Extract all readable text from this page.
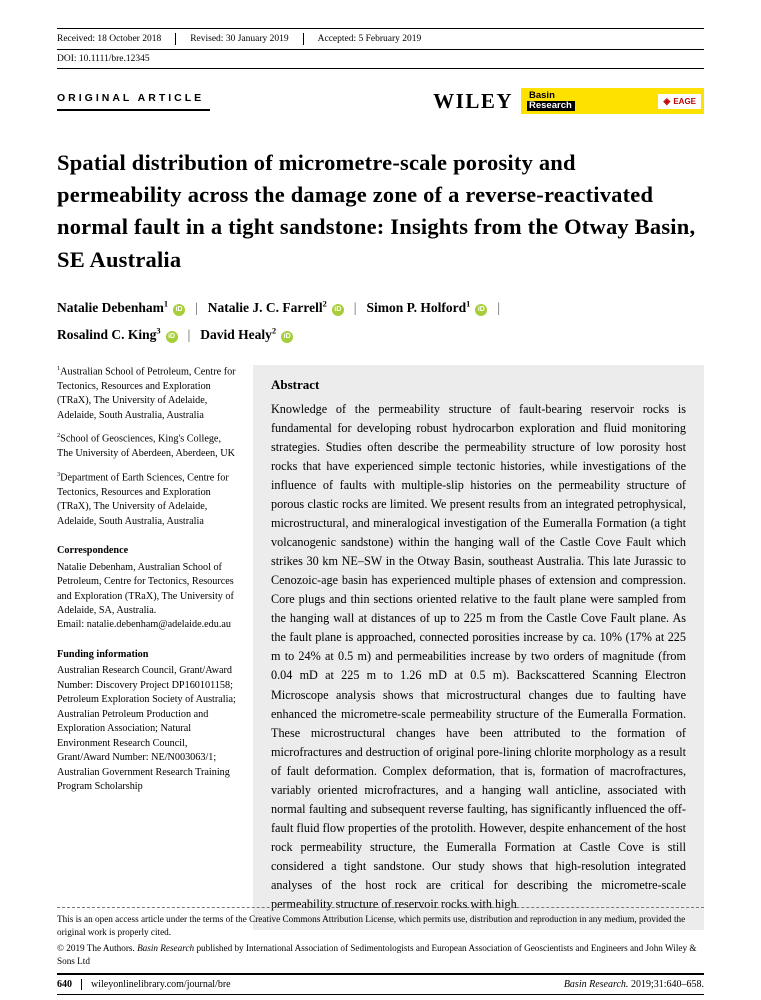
Received: 18 October 2018	Revised: 30 January 2019	Accepted: 5 February 2019
DOI: 10.1111/bre.12345
ORIGINAL ARTICLE	WILEY Basin
Research	◈ EAGE
Spatial distribution of micrometre-scale porosity and permeability across the damage zone of a reverse-reactivated normal fault in a tight sandstone: Insights from the Otway Basin, SE Australia
Natalie Debenham$^1$iD | Natalie J. C. Farrell$^2$iD | Simon P. Holford$^1$iD |
Rosalind C. King$^3$iD | David Healy$^2$iD
$^1$Australian School of Petroleum, Centre for Tectonics, Resources and Exploration (TRaX), The University of Adelaide, Adelaide, South Australia, Australia
$^2$School of Geosciences, King's College, The University of Aberdeen, Aberdeen, UK
$^3$Department of Earth Sciences, Centre for Tectonics, Resources and Exploration (TRaX), The University of Adelaide, Adelaide, South Australia, Australia
Correspondence
Natalie Debenham, Australian School of Petroleum, Centre for Tectonics, Resources and Exploration (TRaX), The University of Adelaide, SA, Australia.
Email: natalie.debenham@adelaide.edu.au
Funding information
Australian Research Council, Grant/Award Number: Discovery Project DP160101158; Petroleum Exploration Society of Australia; Australian Petroleum Production and Exploration Association; Natural Environment Research Council, Grant/Award Number: NE/N003063/1; Australian Government Research Training Program Scholarship
Abstract

Knowledge of the permeability structure of fault-bearing reservoir rocks is fundamental for developing robust hydrocarbon exploration and fluid monitoring strategies. Studies often describe the permeability structure of low porosity host rocks that have experienced simple tectonic histories, while investigations of the influence of faults with multiple-slip histories on the permeability structure of porous clastic rocks are limited. We present results from an integrated petrophysical, microstructural, and mineralogical investigation of the Eumeralla Formation (a tight volcanogenic sandstone) within the hanging wall of the Castle Cove Fault which strikes 30 km NE–SW in the Otway Basin, southeast Australia. This late Jurassic to Cenozoic-age basin has experienced multiple phases of extension and compression. Core plugs and thin sections oriented relative to the fault plane were sampled from the hanging wall at distances of up to 225 m from the Castle Cove Fault plane. As the fault plane is approached, connected porosities increase by ca. 10% (17% at 225 m to 24% at 0.5 m) and permeabilities increase by two orders of magnitude (from 0.04 mD at 225 m to 1.26 mD at 0.5 m). Backscattered Scanning Electron Microscope analysis shows that microstructural changes due to faulting have enhanced the micrometre-scale permeability structure of the Eumeralla Formation. These microstructural changes have been attributed to the formation of microfractures and destruction of original pore-lining chlorite morphology as a result of fault deformation. Complex deformation, that is, formation of macrofractures, variably oriented microfractures, and a hanging wall anticline, associated with normal faulting and subsequent reverse faulting, has significantly influenced the off-fault fluid flow properties of the protolith. However, despite enhancement of the host rock permeability structure, the Eumeralla Formation at Castle Cove is still considered a tight sandstone. Our study shows that high-resolution integrated analyses of the host rock are critical for describing the micrometre-scale permeability structure of reservoir rocks with high

This is an open access article under the terms of the Creative Commons Attribution License, which permits use, distribution and reproduction in any medium, provided the original work is properly cited.
© 2019 The Authors. Basin Research published by International Association of Sedimentologists and European Association of Geoscientists and Engineers and John Wiley & Sons Ltd
640 wileyonlinelibrary.com/journal/bre	Basin Research. 2019;31:640–658.
